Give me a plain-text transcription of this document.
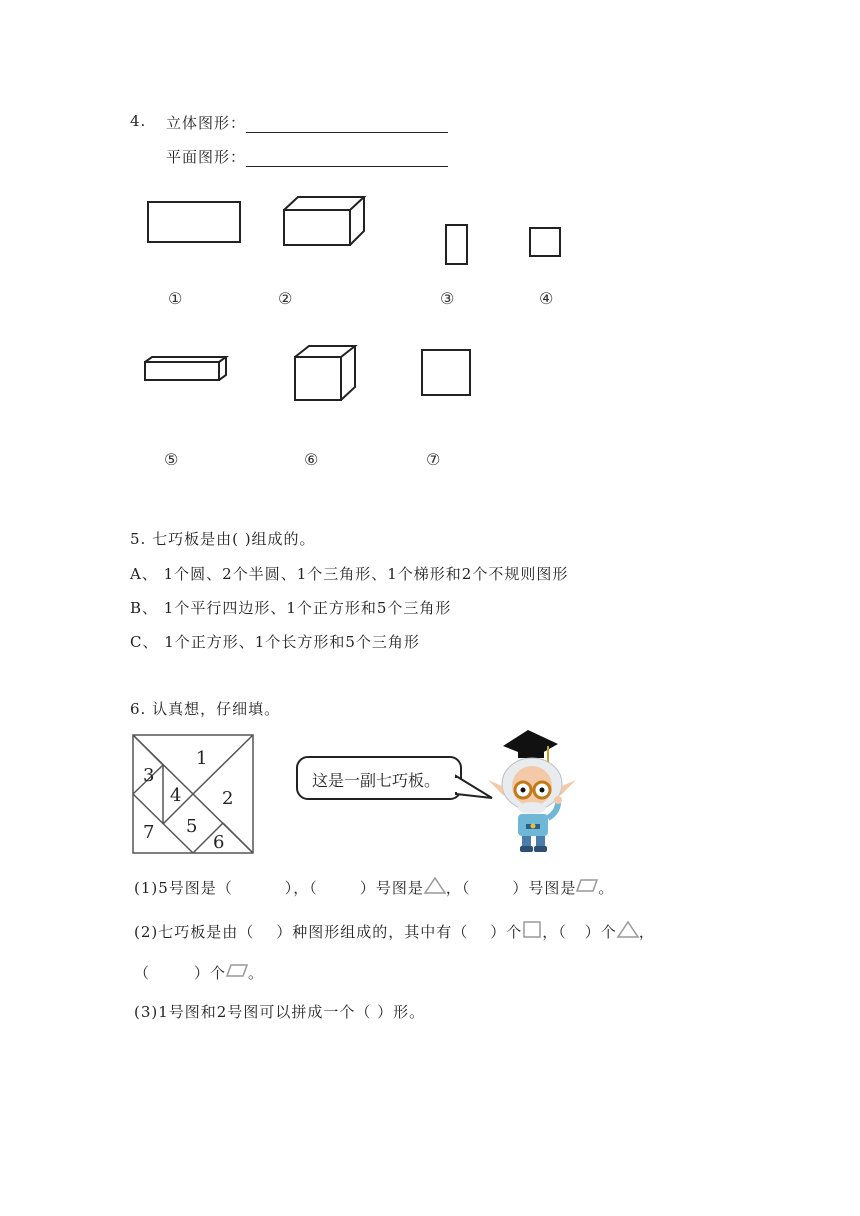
4. 立体图形：
平面图形：
①	②	③	④
⑤	⑥	⑦
5. 七巧板是由( )组成的。
A、 1个圆、2个半圆、1个三角形、1个梯形和2个不规则图形
B、 1个平行四边形、1个正方形和5个三角形
C、 1个正方形、1个长方形和5个三角形
6. 认真想，仔细填。
1
2
3
4
5
6
7
这是一副七巧板。
(1)5号图是（	），（	）号图是 ，（	）号图是 。
(2)七巧板是由（ ）种图形组成的，其中有（ ）个 ，（ ）个 ，
（	）个 。
(3)1号图和2号图可以拼成一个（ ）形。
